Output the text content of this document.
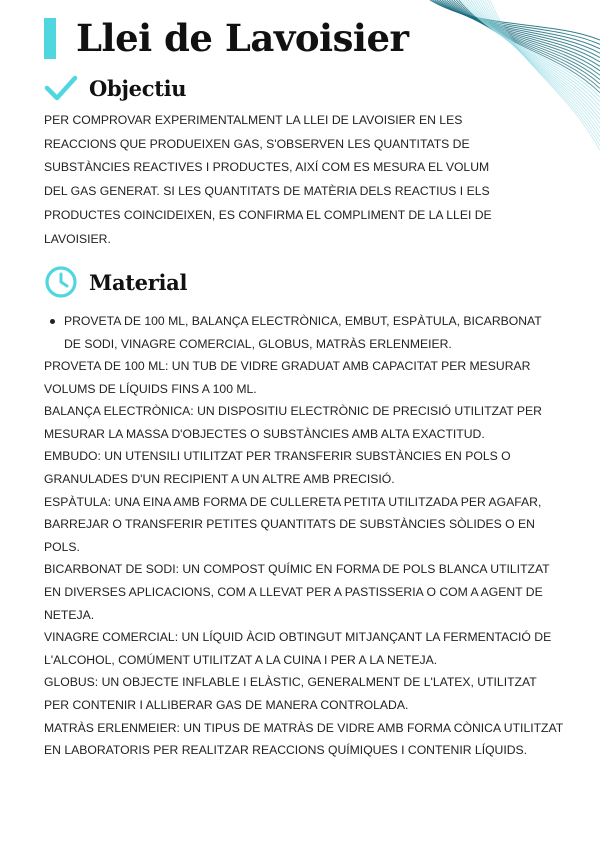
Llei de Lavoisier
Objectiu

PER COMPROVAR EXPERIMENTALMENT LA LLEI DE LAVOISIER EN LES REACCIONS QUE PRODUEIXEN GAS, S'OBSERVEN LES QUANTITATS DE SUBSTÀNCIES REACTIVES I PRODUCTES, AIXÍ COM ES MESURA EL VOLUM DEL GAS GENERAT. SI LES QUANTITATS DE MATÈRIA DELS REACTIUS I ELS PRODUCTES COINCIDEIXEN, ES CONFIRMA EL COMPLIMENT DE LA LLEI DE LAVOISIER.

Material
PROVETA DE 100 ML, BALANÇA ELECTRÒNICA, EMBUT, ESPÀTULA, BICARBONAT DE SODI, VINAGRE COMERCIAL, GLOBUS, MATRÀS ERLENMEIER.

PROVETA DE 100 ML: UN TUB DE VIDRE GRADUAT AMB CAPACITAT PER MESURAR VOLUMS DE LÍQUIDS FINS A 100 ML.

BALANÇA ELECTRÒNICA: UN DISPOSITIU ELECTRÒNIC DE PRECISIÓ UTILITZAT PER MESURAR LA MASSA D'OBJECTES O SUBSTÀNCIES AMB ALTA EXACTITUD.

EMBUDO: UN UTENSILI UTILITZAT PER TRANSFERIR SUBSTÀNCIES EN POLS O GRANULADES D'UN RECIPIENT A UN ALTRE AMB PRECISIÓ.

ESPÀTULA: UNA EINA AMB FORMA DE CULLERETA PETITA UTILITZADA PER AGAFAR, BARREJAR O TRANSFERIR PETITES QUANTITATS DE SUBSTÀNCIES SÒLIDES O EN POLS.

BICARBONAT DE SODI: UN COMPOST QUÍMIC EN FORMA DE POLS BLANCA UTILITZAT EN DIVERSES APLICACIONS, COM A LLEVAT PER A PASTISSERIA O COM A AGENT DE NETEJA.

VINAGRE COMERCIAL: UN LÍQUID ÀCID OBTINGUT MITJANÇANT LA FERMENTACIÓ DE L'ALCOHOL, COMÚMENT UTILITZAT A LA CUINA I PER A LA NETEJA.

GLOBUS: UN OBJECTE INFLABLE I ELÀSTIC, GENERALMENT DE L'LATEX, UTILITZAT PER CONTENIR I ALLIBERAR GAS DE MANERA CONTROLADA.

MATRÀS ERLENMEIER: UN TIPUS DE MATRÀS DE VIDRE AMB FORMA CÒNICA UTILITZAT EN LABORATORIS PER REALITZAR REACCIONS QUÍMIQUES I CONTENIR LÍQUIDS.
